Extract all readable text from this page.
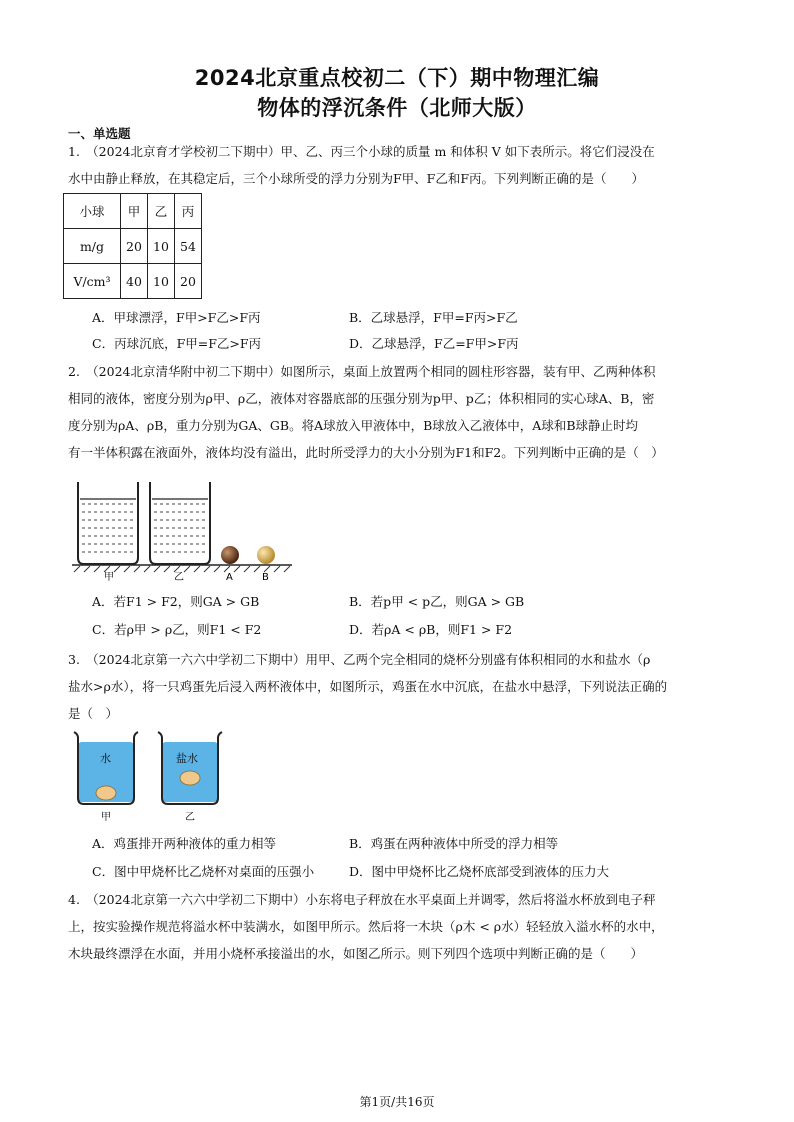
2024北京重点校初二（下）期中物理汇编
物体的浮沉条件（北师大版）
一、单选题
1.　（2024北京育才学校初二下期中）甲、乙、丙三个小球的质量 m 和体积 V 如下表所示。将它们浸没在
水中由静止释放，在其稳定后，三个小球所受的浮力分别为F甲、F乙和F丙。下列判断正确的是（　　）
小球	甲	乙	丙
m/g	20	10	54
V/cm³	40	10	20
A．甲球漂浮，F甲>F乙>F丙	B．乙球悬浮，F甲=F丙>F乙
C．丙球沉底，F甲=F乙>F丙	D．乙球悬浮，F乙=F甲>F丙
2.　（2024北京清华附中初二下期中）如图所示，桌面上放置两个相同的圆柱形容器，装有甲、乙两种体积
相同的液体，密度分别为ρ甲、ρ乙，液体对容器底部的压强分别为p甲、p乙；体积相同的实心球A、B，密
度分别为ρA、ρB，重力分别为GA、GB。将A球放入甲液体中，B球放入乙液体中，A球和B球静止时均
有一半体积露在液面外，液体均没有溢出，此时所受浮力的大小分别为F1和F2。下列判断中正确的是（　）
甲	乙	A	B
A．若F1 > F2，则GA > GB	B．若p甲 < p乙，则GA > GB
C．若ρ甲 > ρ乙，则F1 < F2	D．若ρA < ρB，则F1 > F2
3.　（2024北京第一六六中学初二下期中）用甲、乙两个完全相同的烧杯分别盛有体积相同的水和盐水（ρ
盐水>ρ水），将一只鸡蛋先后浸入两杯液体中，如图所示，鸡蛋在水中沉底，在盐水中悬浮，下列说法正确的
是（　）
水	盐水
甲	乙
A．鸡蛋排开两种液体的重力相等	B．鸡蛋在两种液体中所受的浮力相等
C．图中甲烧杯比乙烧杯对桌面的压强小	D．图中甲烧杯比乙烧杯底部受到液体的压力大
4.　（2024北京第一六六中学初二下期中）小东将电子秤放在水平桌面上并调零，然后将溢水杯放到电子秤
上，按实验操作规范将溢水杯中装满水，如图甲所示。然后将一木块（ρ木 < ρ水）轻轻放入溢水杯的水中，
木块最终漂浮在水面，并用小烧杯承接溢出的水，如图乙所示。则下列四个选项中判断正确的是（　　）
第1页/共16页
